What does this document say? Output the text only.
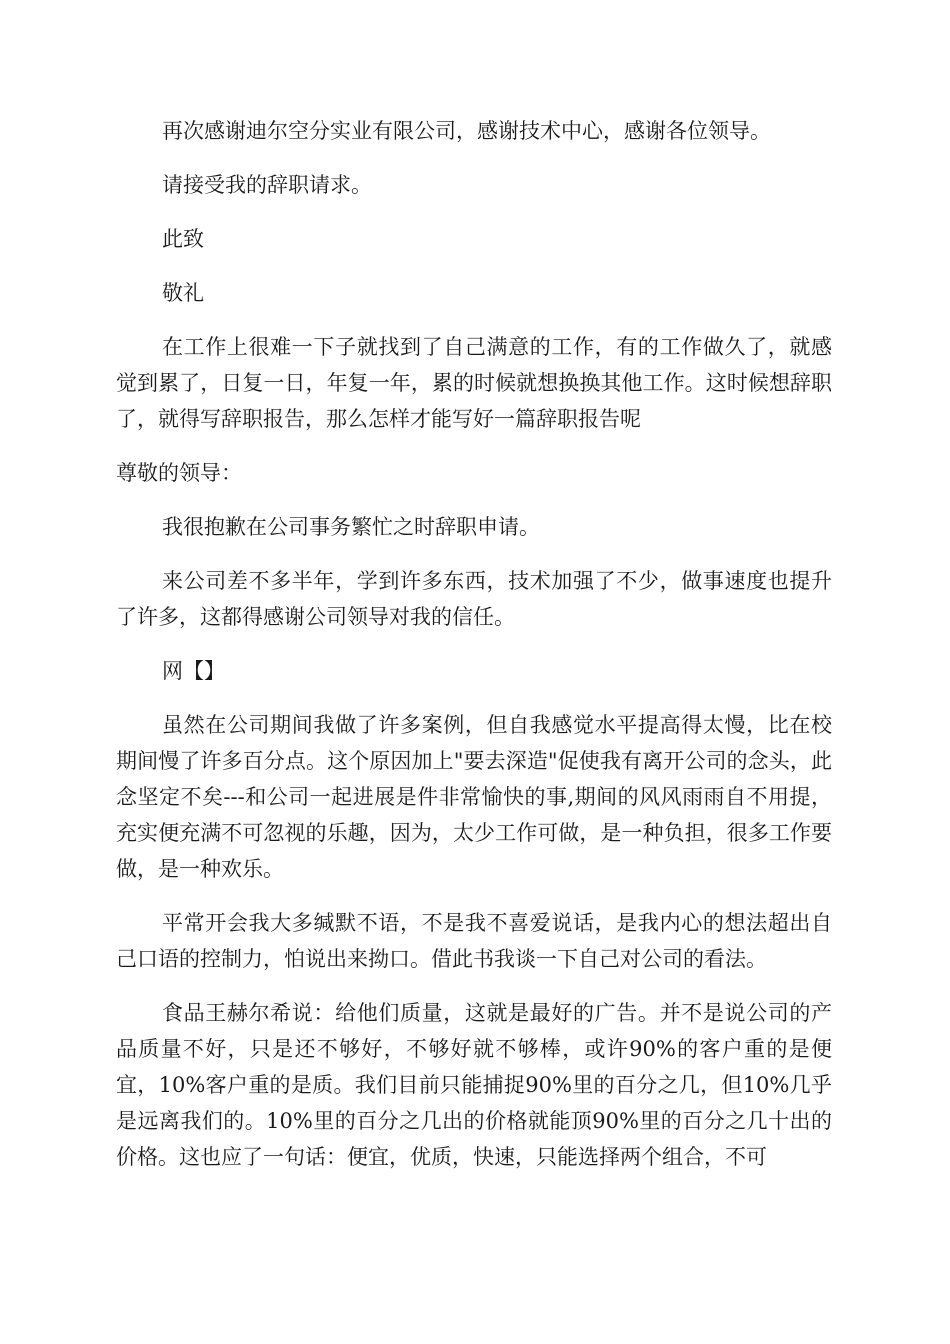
再次感谢迪尔空分实业有限公司，感谢技术中心，感谢各位领导。

请接受我的辞职请求。

此致

敬礼

在工作上很难一下子就找到了自己满意的工作，有的工作做久了，就感觉到累了，日复一日，年复一年，累的时候就想换换其他工作。这时候想辞职了，就得写辞职报告，那么怎样才能写好一篇辞职报告呢

尊敬的领导：

我很抱歉在公司事务繁忙之时辞职申请。

来公司差不多半年，学到许多东西，技术加强了不少，做事速度也提升了许多，这都得感谢公司领导对我的信任。

网【】

虽然在公司期间我做了许多案例，但自我感觉水平提高得太慢，比在校期间慢了许多百分点。这个原因加上"要去深造"促使我有离开公司的念头，此念坚定不矣---和公司一起进展是件非常愉快的事,期间的风风雨雨自不用提，充实便充满不可忽视的乐趣，因为，太少工作可做，是一种负担，很多工作要做，是一种欢乐。

平常开会我大多缄默不语，不是我不喜爱说话，是我内心的想法超出自己口语的控制力，怕说出来拗口。借此书我谈一下自己对公司的看法。

食品王赫尔希说：给他们质量，这就是最好的广告。并不是说公司的产品质量不好，只是还不够好，不够好就不够棒，或许90%的客户重的是便宜，10%客户重的是质。我们目前只能捕捉90%里的百分之几，但10%几乎是远离我们的。10%里的百分之几出的价格就能顶90%里的百分之几十出的价格。这也应了一句话：便宜，优质，快速，只能选择两个组合，不可
